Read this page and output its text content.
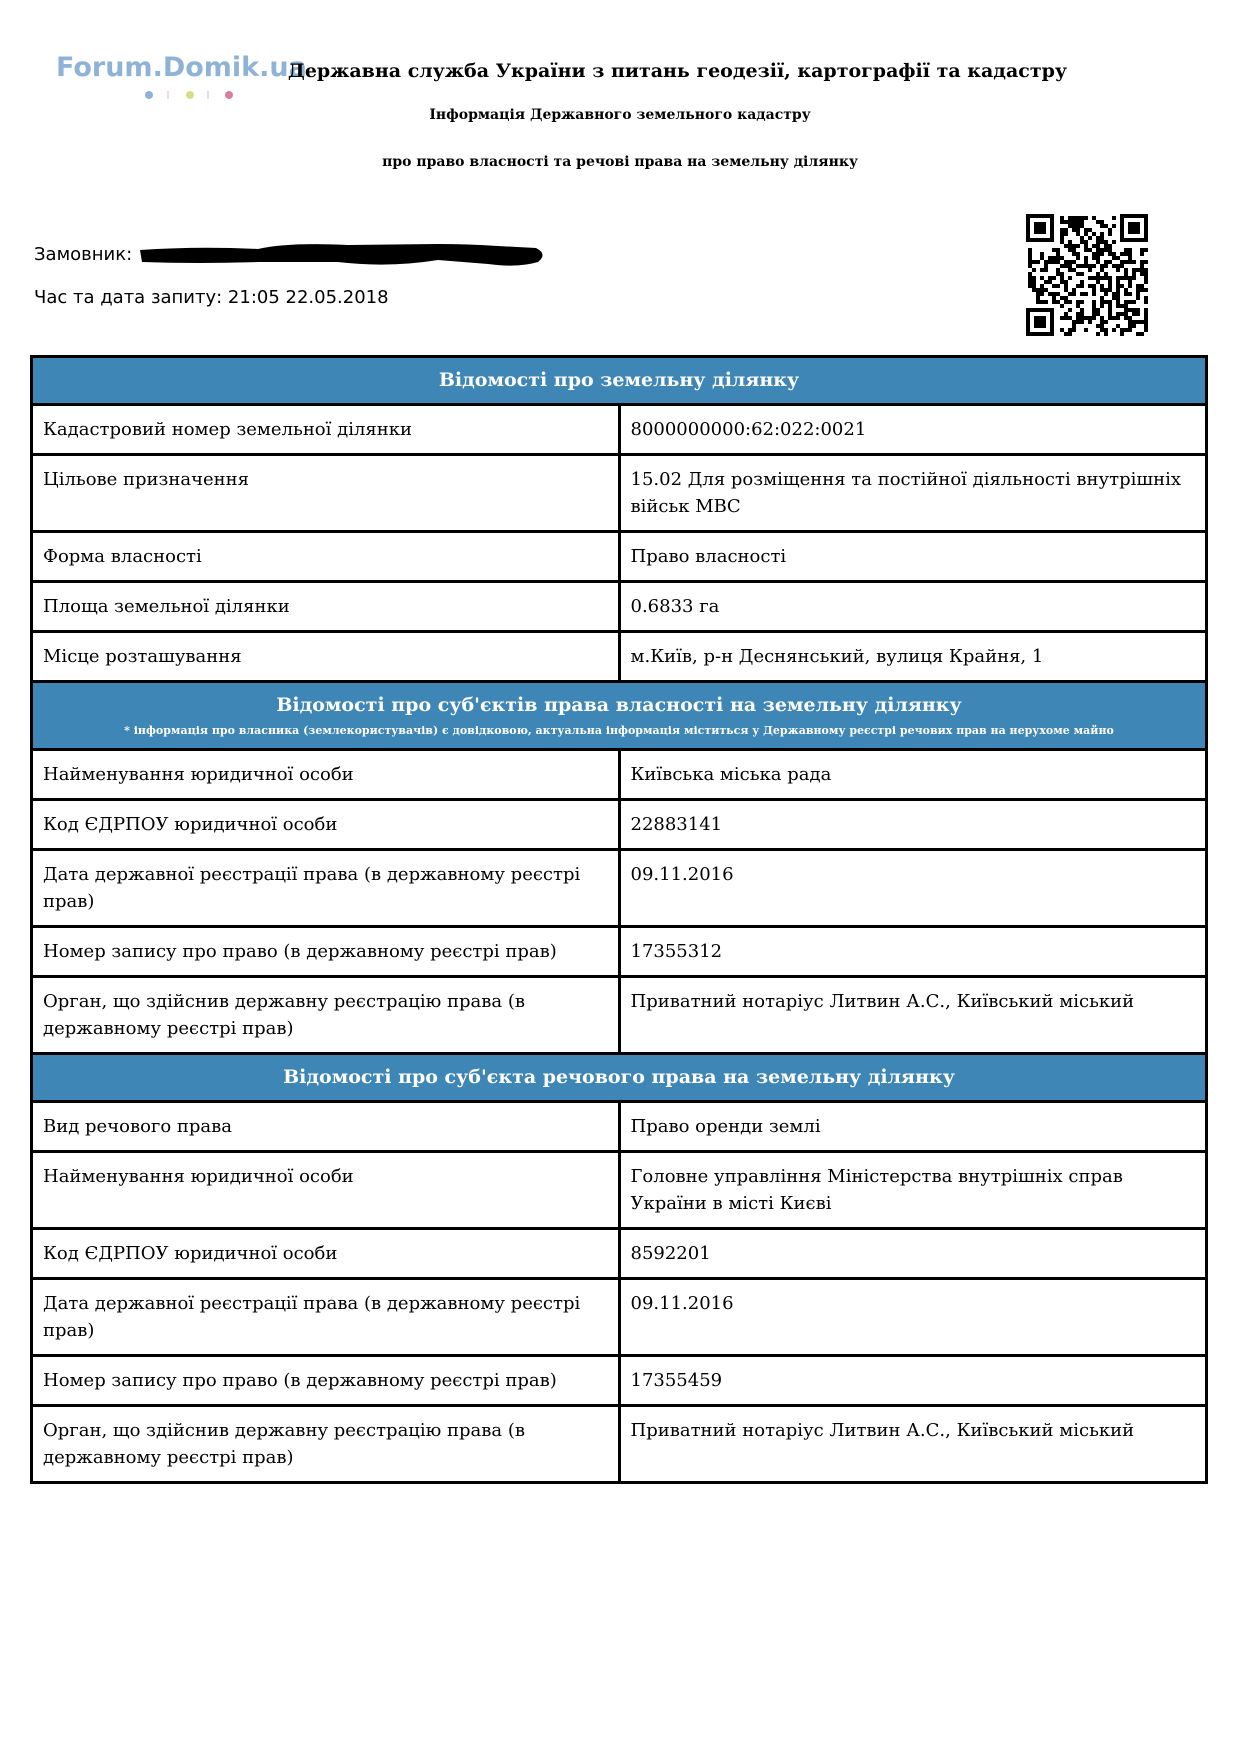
Forum.Domik.ua
Державна служба України з питань геодезії, картографії та кадастру
Інформація Державного земельного кадастру
про право власності та речові права на земельну ділянку
Замовник:
Час та дата запиту: 21:05 22.05.2018
Відомості про земельну ділянку	
Кадастровий номер земельної ділянки	8000000000:62:022:0021
Цільове призначення	15.02 Для розміщення та постійної діяльності внутрішніх військ МВС
Форма власності	Право власності
Площа земельної ділянки	0.6833 га
Місце розташування	м.Київ, р-н Деснянський, вулиця Крайня, 1
Відомості про суб'єктів права власності на земельну ділянку
* інформація про власника (землекористувачів) є довідковою, актуальна інформація міститься у Державному реєстрі речових прав на нерухоме майно	

Найменування юридичної особи	Київська міська рада
Код ЄДРПОУ юридичної особи	22883141
Дата державної реєстрації права (в державному реєстрі прав)	09.11.2016
Номер запису про право (в державному реєстрі прав)	17355312
Орган, що здійснив державну реєстрацію права (в державному реєстрі прав)	Приватний нотаріус Литвин А.С., Київський міський
Відомості про суб'єкта речового права на земельну ділянку	
Вид речового права	Право оренди землі
Найменування юридичної особи	Головне управління Міністерства внутрішніх справ України в місті Києві
Код ЄДРПОУ юридичної особи	8592201
Дата державної реєстрації права (в державному реєстрі прав)	09.11.2016
Номер запису про право (в державному реєстрі прав)	17355459
Орган, що здійснив державну реєстрацію права (в державному реєстрі прав)	Приватний нотаріус Литвин А.С., Київський міський
